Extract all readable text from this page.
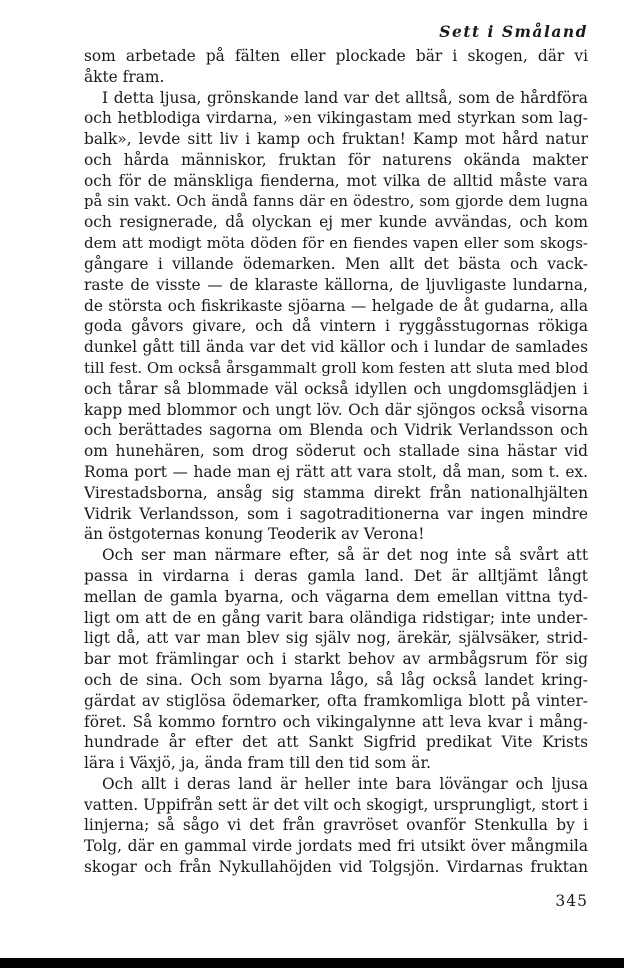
Sett i Småland
som arbetade på fälten eller plockade bär i skogen, där vi
åkte fram.
I detta ljusa, grönskande land var det alltså, som de hårdföra
och hetblodiga virdarna, »en vikingastam med styrkan som lag-
balk», levde sitt liv i kamp och fruktan! Kamp mot hård natur
och hårda människor, fruktan för naturens okända makter
och för de mänskliga fienderna, mot vilka de alltid måste vara
på sin vakt. Och ändå fanns där en ödestro, som gjorde dem lugna
och resignerade, då olyckan ej mer kunde avvändas, och kom
dem att modigt möta döden för en fiendes vapen eller som skogs-
gångare i villande ödemarken. Men allt det bästa och vack-
raste de visste — de klaraste källorna, de ljuvligaste lundarna,
de största och fiskrikaste sjöarna — helgade de åt gudarna, alla
goda gåvors givare, och då vintern i ryggåsstugornas rökiga
dunkel gått till ända var det vid källor och i lundar de samlades
till fest. Om också årsgammalt groll kom festen att sluta med blod
och tårar så blommade väl också idyllen och ungdomsglädjen i
kapp med blommor och ungt löv. Och där sjöngos också visorna
och berättades sagorna om Blenda och Vidrik Verlandsson och
om hunehären, som drog söderut och stallade sina hästar vid
Roma port — hade man ej rätt att vara stolt, då man, som t. ex.
Virestadsborna, ansåg sig stamma direkt från nationalhjälten
Vidrik Verlandsson, som i sagotraditionerna var ingen mindre
än östgoternas konung Teoderik av Verona!
Och ser man närmare efter, så är det nog inte så svårt att
passa in virdarna i deras gamla land. Det är alltjämt långt
mellan de gamla byarna, och vägarna dem emellan vittna tyd-
ligt om att de en gång varit bara oländiga ridstigar; inte under-
ligt då, att var man blev sig själv nog, ärekär, självsäker, strid-
bar mot främlingar och i starkt behov av armbågsrum för sig
och de sina. Och som byarna lågo, så låg också landet kring-
gärdat av stiglösa ödemarker, ofta framkomliga blott på vinter-
föret. Så kommo forntro och vikingalynne att leva kvar i mång-
hundrade år efter det att Sankt Sigfrid predikat Vite Krists
lära i Växjö, ja, ända fram till den tid som är.
Och allt i deras land är heller inte bara lövängar och ljusa
vatten. Uppifrån sett är det vilt och skogigt, ursprungligt, stort i
linjerna; så sågo vi det från gravröset ovanför Stenkulla by i
Tolg, där en gammal virde jordats med fri utsikt över mångmila
skogar och från Nykullahöjden vid Tolgsjön. Virdarnas fruktan
345
